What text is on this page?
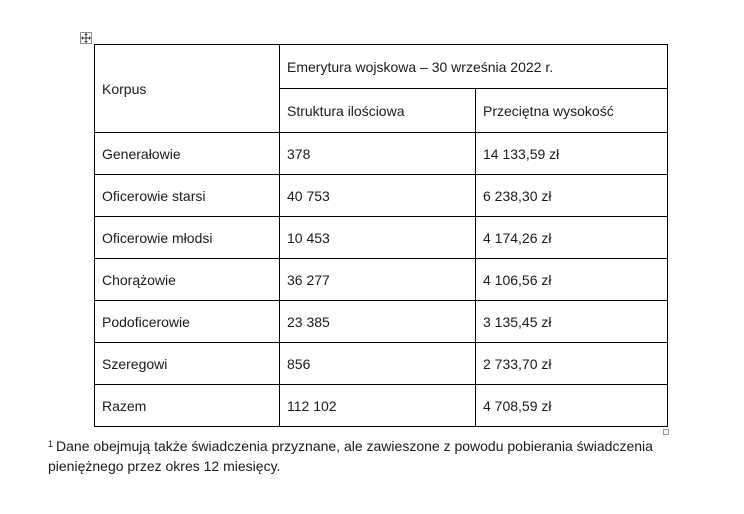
Korpus	Emerytura wojskowa – 30 września 2022 r.	
	Struktura ilościowa	Przeciętna wysokość
Generałowie	378	14 133,59 zł
Oficerowie starsi	40 753	6 238,30 zł
Oficerowie młodsi	10 453	4 174,26 zł
Chorążowie	36 277	4 106,56 zł
Podoficerowie	23 385	3 135,45 zł
Szeregowi	856	2 733,70 zł
Razem	112 102	4 708,59 zł
$^1$ Dane obejmują także świadczenia przyznane, ale zawieszone z powodu pobierania świadczenia pieniężnego przez okres 12 miesięcy.
